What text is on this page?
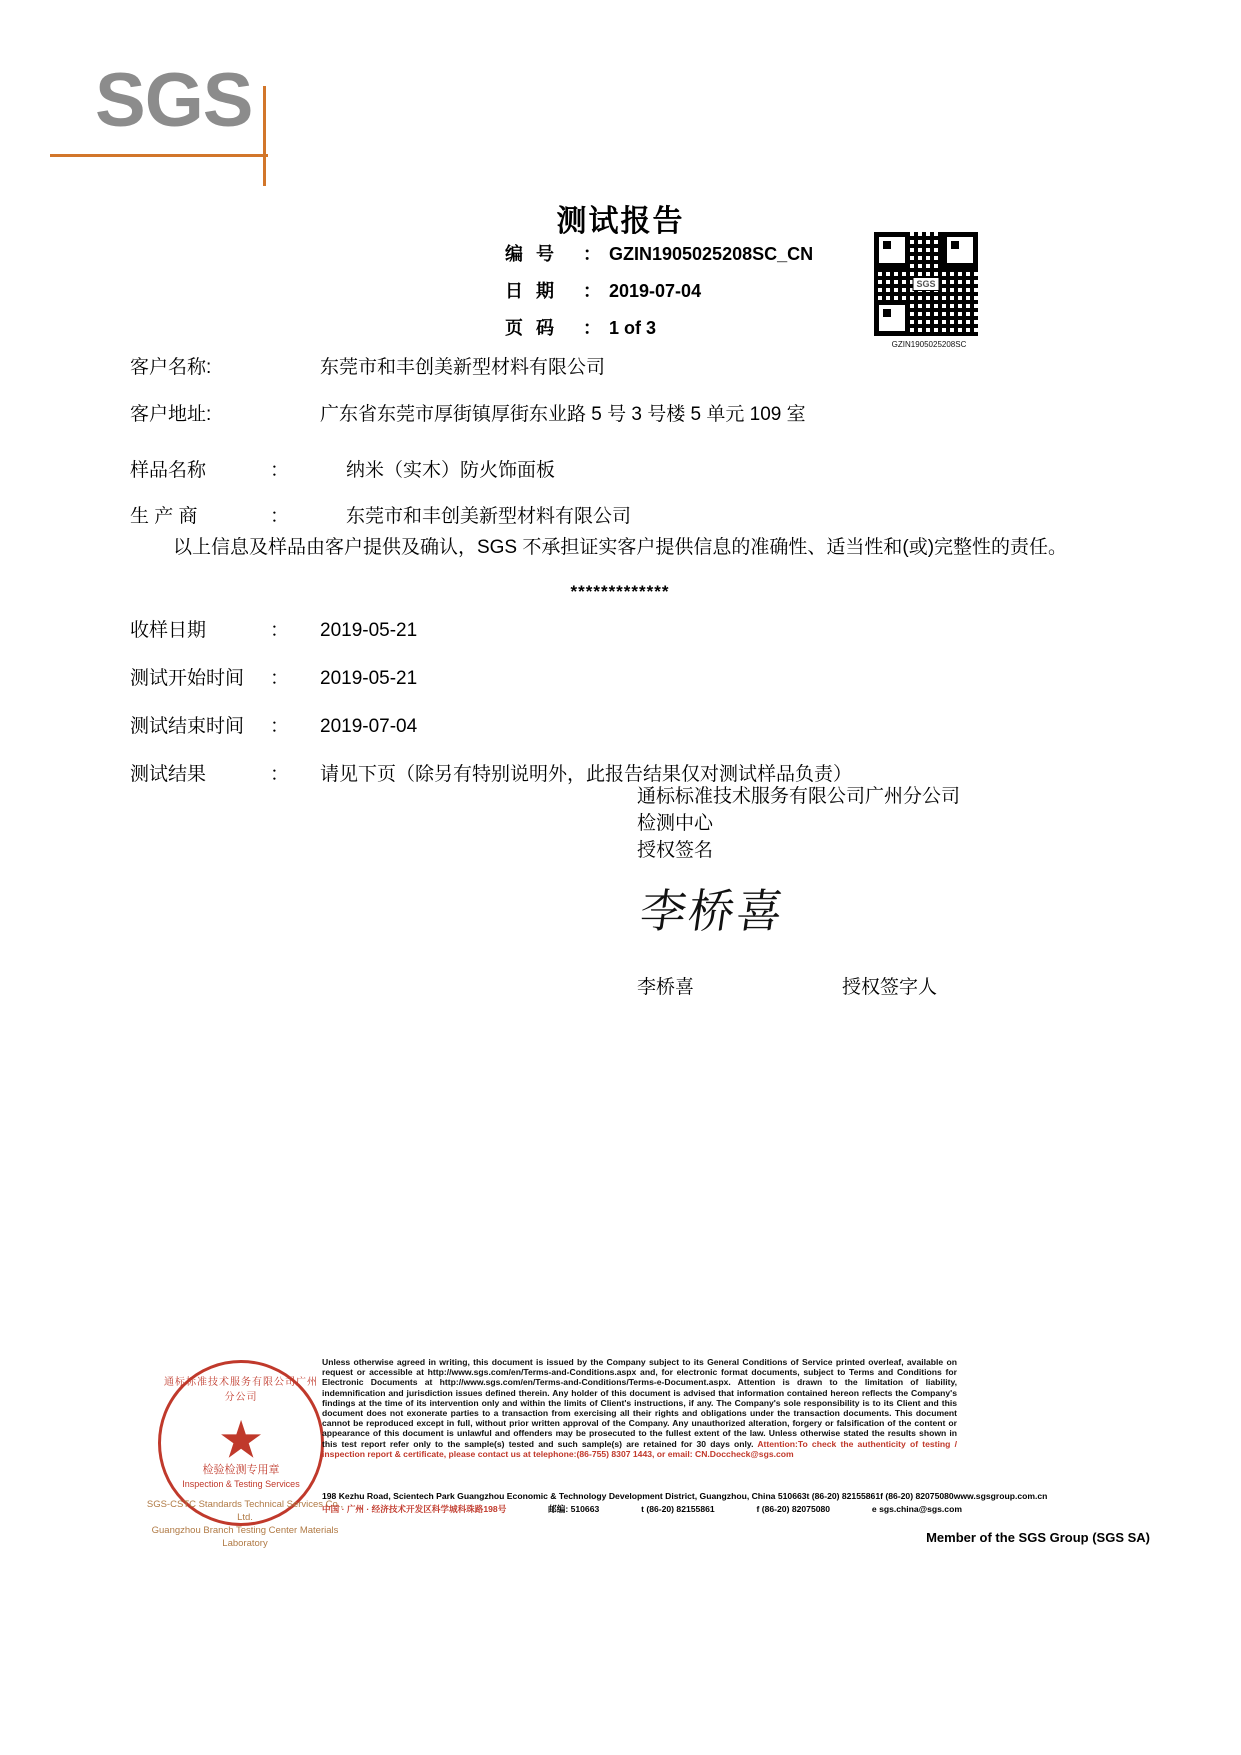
SGS
测试报告
编 号	： GZIN1905025208SC_CN
日 期	： 2019-07-04
页 码	： 1 of 3
SGS
GZIN1905025208SC
客户名称:	东莞市和丰创美新型材料有限公司
客户地址:	广东省东莞市厚街镇厚街东业路 5 号 3 号楼 5 单元 109 室
样品名称	：	纳米（实木）防火饰面板
生 产 商	：	东莞市和丰创美新型材料有限公司
以上信息及样品由客户提供及确认，SGS 不承担证实客户提供信息的准确性、适当性和(或)完整性的责任。
*************
收样日期	：	2019-05-21
测试开始时间	：	2019-05-21
测试结束时间	：	2019-07-04
测试结果	：	请见下页（除另有特别说明外，此报告结果仅对测试样品负责）
通标标准技术服务有限公司广州分公司
检测中心
授权签名
李桥喜
李桥喜	授权签字人
通标标准技术服务有限公司广州分公司
★
检验检测专用章
Inspection & Testing Services
SGS-CSTC Standards Technical Services Co., Ltd.
Guangzhou Branch Testing Center Materials Laboratory
Unless otherwise agreed in writing, this document is issued by the Company subject to its General Conditions of Service printed overleaf, available on request or accessible at http://www.sgs.com/en/Terms-and-Conditions.aspx and, for electronic format documents, subject to Terms and Conditions for Electronic Documents at http://www.sgs.com/en/Terms-and-Conditions/Terms-e-Document.aspx. Attention is drawn to the limitation of liability, indemnification and jurisdiction issues defined therein. Any holder of this document is advised that information contained hereon reflects the Company's findings at the time of its intervention only and within the limits of Client's instructions, if any. The Company's sole responsibility is to its Client and this document does not exonerate parties to a transaction from exercising all their rights and obligations under the transaction documents. This document cannot be reproduced except in full, without prior written approval of the Company. Any unauthorized alteration, forgery or falsification of the content or appearance of this document is unlawful and offenders may be prosecuted to the fullest extent of the law. Unless otherwise stated the results shown in this test report refer only to the sample(s) tested and such sample(s) are retained for 30 days only. Attention:To check the authenticity of testing / inspection report & certificate, please contact us at telephone:(86-755) 8307 1443, or email: CN.Doccheck@sgs.com
198 Kezhu Road, Scientech Park Guangzhou Economic & Technology Development District, Guangzhou, China 510663 t (86-20) 82155861 f (86-20) 82075080 www.sgsgroup.com.cn
中国 · 广州 · 经济技术开发区科学城科珠路198号	邮编: 510663	t (86-20) 82155861	f (86-20) 82075080	e sgs.china@sgs.com
Member of the SGS Group (SGS SA)
